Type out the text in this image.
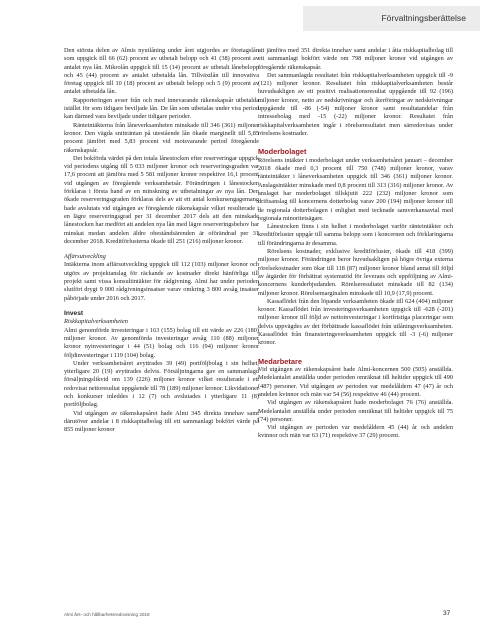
Förvaltningsberättelse

Den största delen av Almis nyutlåning under året utgjordes av företagslån som uppgick till 66 (62) procent av utbetalt belopp och 41 (38) procent av antalet nya lån. Mikrolån uppgick till 15 (14) procent av utbetalt lånebelopp och 45 (44) procent av antalet utbetalda lån. Tillväxtlån till innovativa företag uppgick till 10 (18) procent av utbetalt belopp och 5 (9) procent av antalet utbetalda lån.

Rapporteringen avser från och med innevarande räkenskapsår utbetalda istället för som tidigare beviljade lån. De lån som utbetalas under viss period kan därmed vara beviljade under tidigare perioder.

Ränteintäkterna från låneverksamheten minskade till 346 (361) miljoner kronor. Den vägda snitträntan på utestående lån ökade marginellt till 5,85 procent jämfört med 5,83 procent vid motsvarande period föregående räkenskapsår.

Det bokförda värdet på den totala lånestocken efter reserveringar uppgick vid periodens utgång till 5 033 miljoner kronor och reserveringsgraden var 17,6 procent att jämföra med 5 581 miljoner kronor respektive 16,1 procent vid utgången av föregående verksamhetsår. Förändringen i lånestocken förklaras i första hand av en minskning av utbetalningar av nya lån. Den ökade reserveringsgraden förklaras dels av att ett antal konkursengagemang hade avslutats vid utgången av föregående räkenskapsår vilket resulterade i en lägre reserveringsgrad per 31 december 2017 dels att den minskade lånestocken har medfört att andelen nya lån med lägre reserveringsbehov har minskat medan andelen äldre obeståndsärenden är oförändrad per 31 december 2018. Kreditförlusterna ökade till 251 (216) miljoner kronor.

Affärsutveckling

Intäkterna inom affärsutveckling uppgick till 112 (103) miljoner kronor och utgörs av projektanslag för räckande av kostnader direkt hänförliga till projekt samt vissa konsultintäkter för rådgivning. Almi har under perioden slutfört drygt 9 000 rådgivningsinsatser varav omkring 3 800 avsåg insatser påbörjade under 2016 och 2017.

Invest
Riskkapitalverksamheten

Almi genomförde investeringar i 163 (155) bolag till ett värde av 226 (180) miljoner kronor. Av genomförda investeringar avsåg 110 (88) miljoner kronor nyinvesteringar i 44 (51) bolag och 116 (94) miljoner kronor följdinvesteringar i 119 (104) bolag.

Under verksamhetsåret avyttrades 39 (49) portföljbolag i sin helhet, ytterligare 20 (19) avyttrades delvis. Försäljningarna gav en sammanlagd försäljningslikvid om 139 (226) miljoner kronor vilket resulterade i ett redovisat nettoresultat uppgående till 78 (189) miljoner kronor. Likvidationer och konkurser inleddes i 12 (7) och avslutades i ytterligare 11 (8) portföljbolag.

Vid utgången av räkenskapsåret hade Almi 345 direkta innehav samt därutöver andelar i 8 riskkapitalbolag till ett sammanlagt bokfört värde på 855 miljoner kronor

att jämföra med 351 direkta innehav samt andelar i åtta riskkapitalbolag till ett sammanlagt bokfört värde om 798 miljoner kronor vid utgången av föregående räkenskapsår.

Det sammanlagda resultatet från riskkapitalverksamheten uppgick till -9 (121) miljoner kronor. Resultatet från riskkapitalverksamheten består huvudsakligen av ett positivt realisationsresultat uppgående till 92 (196) miljoner kronor, netto av nedskrivningar och återföringar av nedskrivningar uppgående till -86 (-54) miljoner kronor samt resultatandelar från intressebolag med -15 (-22) miljoner kronor. Resultatet från riskkapitalverksamheten ingår i rörelseresultatet men särredovisas under rörelsens kostnader.

Moderbolaget

Rörelsens intäkter i moderbolaget under verksamhetsåret januari – december 2018 ökade med 0,3 procent till 750 (748) miljoner kronor, varav ränteintäkter i låneverksamheten uppgick till 346 (361) miljoner kronor. Anslagsintäkter minskade med 0,8 procent till 313 (316) miljoner kronor. Av anslaget har moderbolaget tillskjutit 222 (232) miljoner kronor som driftsanslag till koncernens dotterbolag varav 200 (194) miljoner kronor till de regionala dotterbolagen i enlighet med tecknade samverkansavtal med regionala minoritetsägare.

Lånestocken finns i sin helhet i moderbolaget varför ränteintäkter och kreditförluster uppgår till samma belopp som i koncernen och förklaringarna till förändringarna är desamma.

Rörelsens kostnader, exklusive kreditförluster, ökade till 418 (399) miljoner kronor. Förändringen beror huvudsakligen på högre övriga externa rörelsekostnader som ökar till 118 (87) miljoner kronor bland annat till följd av åtgärder för förbättrat systemstöd för leverans och uppföljning av Almi-koncernens kunderbjudanden. Rörelseresultatet minskade till 82 (134) miljoner kronor. Rörelsemarginalen minskade till 10,9 (17,9) procent.

Kassaflödet från den löpande verksamheten ökade till 624 (404) miljoner kronor. Kassaflödet från investeringsverksamheten uppgick till -628 (-201) miljoner kronor till följd av nettoinvesteringar i kortfristiga placeringar som delvis uppvägdes av det förbättrade kassaflödet från utlåningsverksamheten. Kassaflödet från finansieringsverksamheten uppgick till -3 (-6) miljoner kronor.

Medarbetare

Vid utgången av räkenskapsåret hade Almi-koncernen 500 (505) anställda. Medelantalet anställda under perioden omräknat till heltider uppgick till 490 (487) personer. Vid utgången av perioden var medelåldern 47 (47) år och andelen kvinnor och män var 54 (56) respektive 46 (44) procent.

Vid utgången av räkenskapsåret hade moderbolaget 76 (76) anställda. Medelantalet anställda under perioden omräknat till heltider uppgick till 75 (74) personer.

Vid utgången av perioden var medelåldern 45 (44) år och andelen kvinnor och män var 63 (71) respektive 37 (29) procent.

Almi års- och hållbarhetsredovisning 2018	37
